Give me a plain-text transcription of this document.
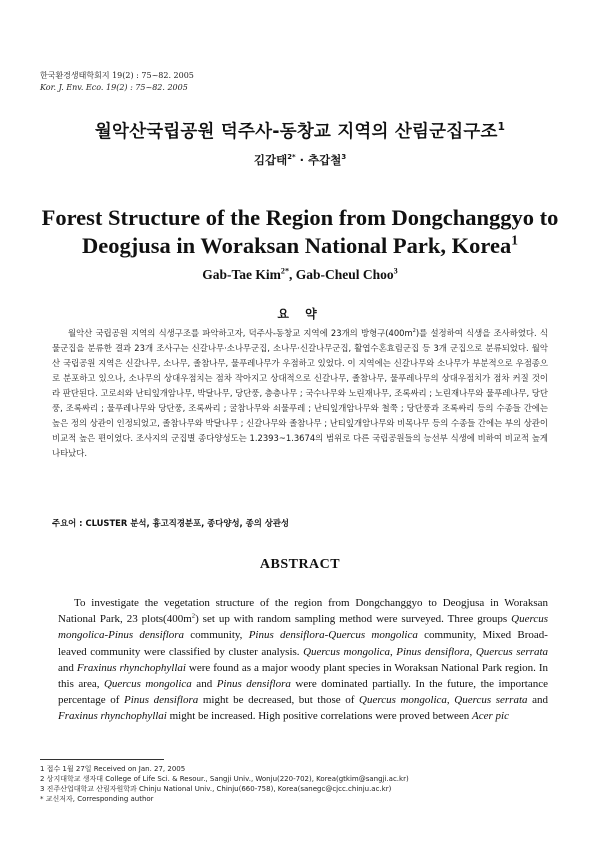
한국환경생태학회지 19(2) : 75~82. 2005
Kor. J. Env. Eco. 19(2) : 75~82. 2005
월악산국립공원 덕주사-동창교 지역의 산림군집구조$^1$
김갑태$^{2*}$ · 추갑철$^3$
Forest Structure of the Region from Dongchanggyo to
Deogjusa in Woraksan National Park, Korea$^1$
Gab-Tae Kim$^{2*}$, Gab-Cheul Choo$^3$
요 약

월악산 국립공원 지역의 식생구조를 파악하고자, 덕주사-동창교 지역에 23개의 방형구$(400m^2)$를 설정하여 식생을 조사하였다. 식물군집을 분류한 결과 23개 조사구는 신갈나무·소나무군집, 소나무·신갈나무군집, 활엽수혼효림군집 등 3개 군집으로 분류되었다. 월악산 국립공원 지역은 신갈나무, 소나무, 졸참나무, 물푸레나무가 우점하고 있었다. 이 지역에는 신갈나무와 소나무가 부분적으로 우점종으로 분포하고 있으나, 소나무의 상대우점치는 점차 작아지고 상대적으로 신갈나무, 졸참나무, 물푸레나무의 상대우점치가 점차 커질 것이라 판단된다. 고로쇠와 난티잎개암나무, 박달나무, 당단풍, 층층나무 ; 국수나무와 노린재나무, 조록싸리 ; 노린재나무와 물푸레나무, 당단풍, 조록싸리 ; 물푸레나무와 당단풍, 조록싸리 ; 굴참나무와 쇠물푸레 ; 난티잎개암나무와 철쭉 ; 당단풍과 조록싸리 등의 수종들 간에는 높은 정의 상관이 인정되었고, 졸참나무와 박달나무 ; 신갈나무와 졸참나무 ; 난티잎개암나무와 비목나무 등의 수종들 간에는 부의 상관이 비교적 높은 편이었다. 조사지의 군집별 종다양성도는 1.2393~1.3674의 범위로 다른 국립공원들의 능선부 식생에 비하여 비교적 높게 나타났다.

주요어 : CLUSTER 분석, 흉고직경분포, 종다양성, 종의 상관성
ABSTRACT

To investigate the vegetation structure of the region from Dongchanggyo to Deogjusa in Woraksan National Park, 23 $plots(400m^2)$ set up with random sampling method were surveyed. Three groups Quercus mongolica-Pinus densiflora community, Pinus densiflora-Quercus mongolica community, Mixed Broad-leaved community were classified by cluster analysis. Quercus mongolica, Pinus densiflora, Quercus serrata and Fraxinus rhynchophyllai were found as a major woody plant species in Woraksan National Park region. In this area, Quercus mongolica and Pinus densiflora were dominated partially. In the future, the importance percentage of Pinus densiflora might be decreased, but those of Quercus mongolica, Quercus serrata and Fraxinus rhynchophyllai might be increased. High positive correlations were proved between Acer pic

1 접수 1월 27일 Received on Jan. 27, 2005
2 상지대학교 생자대 College of Life Sci. & Resour., Sangji Univ., Wonju(220-702), Korea(gtkim@sangji.ac.kr)
3 진주산업대학교 산림자원학과 Chinju National Univ., Chinju(660-758), Korea(sanegc@cjcc.chinju.ac.kr)
* 교신저자, Corresponding author
